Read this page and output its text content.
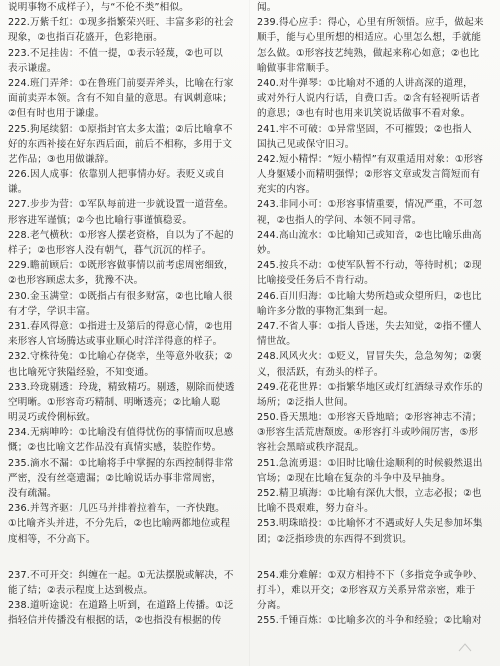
说明事物不成样子），与“不伦不类”相似。
222.万紫千红：①现多指繁荣兴旺、丰富多彩的社会
现象，②也指百花盛开，色彩艳丽。
223.不足挂齿：不值一提，①表示轻蔑，②也可以
表示谦虚。
224.班门弄斧：①在鲁班门前耍弄斧头，比喻在行家
面前卖弄本领。含有不知自量的意思。有讽刺意味；
②但有时也用于谦虚。
225.狗尾续貂：①原指封官太多太滥；②后比喻拿不
好的东西补接在好东西后面，前后不相称，多用于文
艺作品；③也用做谦辞。
226.因人成事：依靠别人把事情办好。表贬义或自
谦。
227.步步为营：①军队每前进一步就设置一道营垒。
形容进军谨慎；②今也比喻行事谨慎稳妥。
228.老气横秋：①形容人摆老资格，自以为了不起的
样子；②也形容人没有朝气，暮气沉沉的样子。
229.瞻前顾后：①既形容做事情以前考虑周密细致，
②也形容顾虑太多，犹豫不决。
230.金玉满堂：①既指占有很多财富，②也比喻人很
有才学，学识丰富。
231.春风得意：①指进士及第后的得意心情，②也用
来形容人官场腾达或事业顺心时洋洋得意的样子。
232.守株待兔：①比喻心存侥幸，坐等意外收获；②
也比喻死守狭隘经验，不知变通。
233.玲珑剔透：玲珑，精致精巧。剔透，剔除而使透
空明晰。①形容奇巧精制、明晰透亮；②比喻人聪
明灵巧或伶俐标致。
234.无病呻吟：①比喻没有值得忧伤的事情而叹息感
慨；②也比喻文艺作品没有真情实感，装腔作势。
235.滴水不漏：①比喻将手中掌握的东西控制得非常
严密，没有丝毫遗漏；②比喻说话办事非常周密，
没有疏漏。
236.并驾齐驱：几匹马并排着拉着车，一齐快跑。
①比喻齐头并进，不分先后，②也比喻两都地位或程
度相等，不分高下。
237.不可开交：纠缠在一起。①无法摆脱或解决，不
能了结；②表示程度上达到极点。
238.道听途说：在道路上听到，在道路上传播。①泛
指轻信并传播没有根据的话，②也指没有根据的传
闻。
239.得心应手：得心，心里有所领悟。应手，做起来
顺手，能与心里所想的相适应。心里怎么想，手就能
怎么做。①形容技艺纯熟，做起来称心如意；②也比
喻做事非常顺手。
240.对牛弹琴：①比喻对不通的人讲高深的道理，
或对外行人说内行话，自费口舌。②含有轻视听话者
的意思；③也有时也用来讥笑说话做事不看对象。
241.牢不可破：①异常坚固，不可摧毁；②也指人
国执己见或保守旧习。
242.短小精悍：“短小精悍”有双重适用对象：①形容
人身躯矮小而精明强悍；②形容文章或发言简短而有
充实的内容。
243.非同小可：①形容事情重要，情况严重，不可忽
视，②也指人的学问、本领不同寻常。
244.高山流水：①比喻知己或知音，②也比喻乐曲高
妙。
245.按兵不动：①使军队暂不行动，等待时机；②现
比喻接受任务后不肯行动。
246.百川归海：①比喻大势所趋或众望所归，②也比
喻许多分散的事物汇集到一起。
247.不省人事：①指人昏迷，失去知觉，②指不懂人
情世故。
248.风风火火：①贬义，冒冒失失，急急匆匆；②褒
义，很活跃，有劲头的样子。
249.花花世界：①指繁华地区或灯红酒绿寻欢作乐的
场所；②泛指人世间。
250.昏天黑地：①形容天昏地暗；②形容神志不清；
③形容生活荒唐颓废。④形容打斗或吵闹厉害，⑤形
容社会黑暗或秩序混乱。
251.急流勇退：①旧时比喻仕途顺利的时候毅然退出
官场；②现在比喻在复杂的斗争中及早抽身。
252.精卫填海：①比喻有深仇大恨，立志必报；②也
比喻不畏艰难，努力奋斗。
253.明珠暗投：①比喻怀才不遇或好人失足参加坏集
团；②泛指珍贵的东西得不到赏识。
254.难分难解：①双方相持不下（多指竞争或争吵、
打斗），难以开交；②形容双方关系异常亲密，难于
分离。
255.千锤百炼：①比喻多次的斗争和经验；②比喻对
